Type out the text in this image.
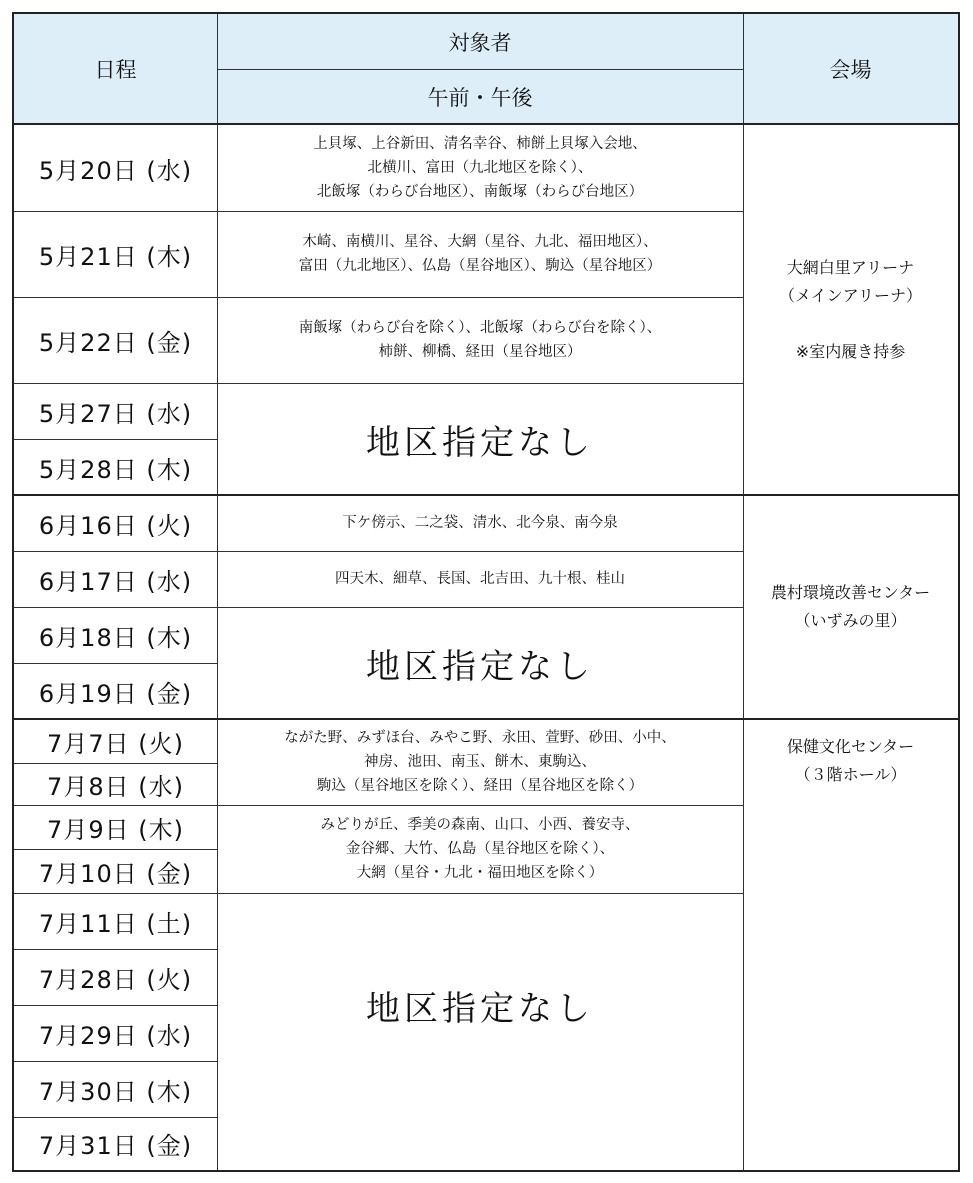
日程
対象者
午前・午後
会場
5月20日 (水)
5月21日 (木)
5月22日 (金)
5月27日 (水)
5月28日 (木)
6月16日 (火)
6月17日 (水)
6月18日 (木)
6月19日 (金)
7月7日 (火)
7月8日 (水)
7月9日 (木)
7月10日 (金)
7月11日 (土)
7月28日 (火)
7月29日 (水)
7月30日 (木)
7月31日 (金)
上貝塚、上谷新田、清名幸谷、柿餅上貝塚入会地、
北横川、富田（九北地区を除く）、
北飯塚（わらび台地区）、南飯塚（わらび台地区）
木崎、南横川、星谷、大網（星谷、九北、福田地区）、
富田（九北地区）、仏島（星谷地区）、駒込（星谷地区）
南飯塚（わらび台を除く）、北飯塚（わらび台を除く）、
柿餅、柳橋、経田（星谷地区）
地区指定なし
下ケ傍示、二之袋、清水、北今泉、南今泉
四天木、細草、長国、北吉田、九十根、桂山
地区指定なし
ながた野、みずほ台、みやこ野、永田、萱野、砂田、小中、
神房、池田、南玉、餅木、東駒込、
駒込（星谷地区を除く）、経田（星谷地区を除く）
みどりが丘、季美の森南、山口、小西、養安寺、
金谷郷、大竹、仏島（星谷地区を除く）、
大網（星谷・九北・福田地区を除く）
地区指定なし
大網白里アリーナ
（メインアリーナ）

※室内履き持参
農村環境改善センター
（いずみの里）
保健文化センター
（３階ホール）
